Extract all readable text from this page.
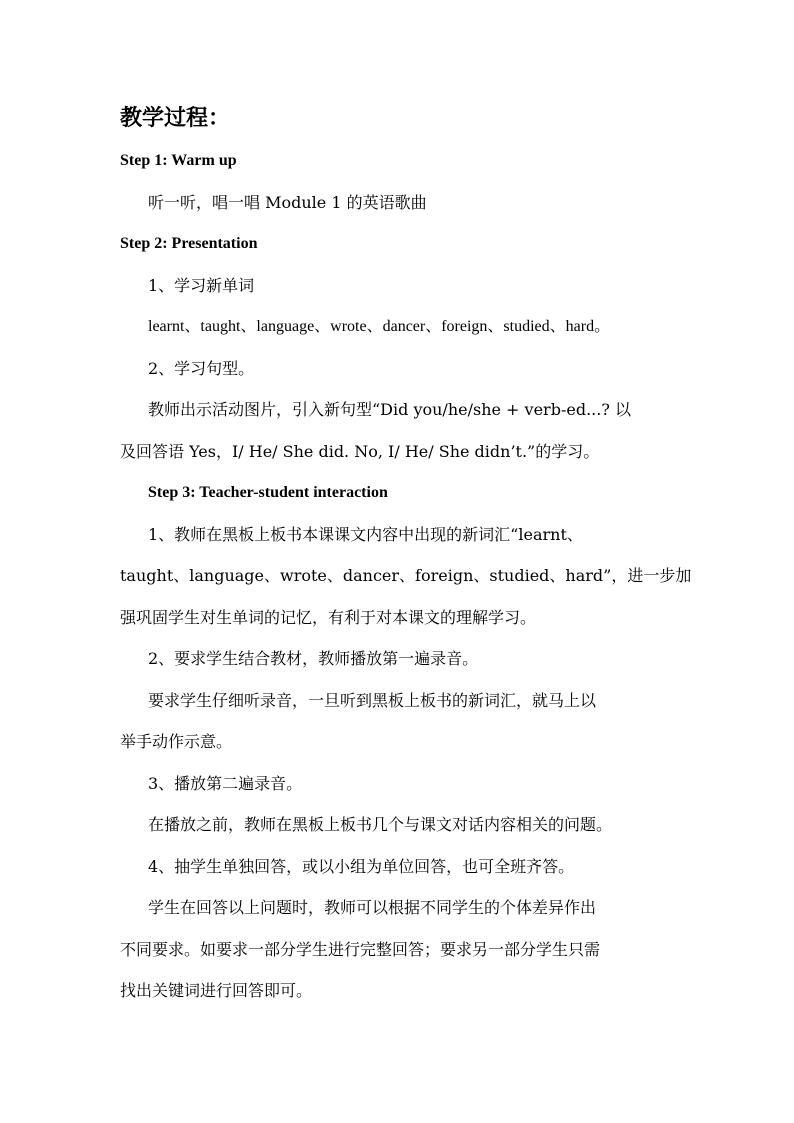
教学过程：
Step 1: Warm up
听一听，唱一唱 Module 1 的英语歌曲
Step 2: Presentation
1、学习新单词
learnt、taught、language、wrote、dancer、foreign、studied、hard。
2、学习句型。
教师出示活动图片，引入新句型“Did you/he/she + verb-ed...? 以
及回答语 Yes，I/ He/ She did. No, I/ He/ She didn’t.”的学习。
Step 3: Teacher-student interaction
1、教师在黑板上板书本课课文内容中出现的新词汇“learnt、
taught、language、wrote、dancer、foreign、studied、hard”，进一步加
强巩固学生对生单词的记忆，有利于对本课文的理解学习。
2、要求学生结合教材，教师播放第一遍录音。
要求学生仔细听录音，一旦听到黑板上板书的新词汇，就马上以
举手动作示意。
3、播放第二遍录音。
在播放之前，教师在黑板上板书几个与课文对话内容相关的问题。
4、抽学生单独回答，或以小组为单位回答，也可全班齐答。
学生在回答以上问题时，教师可以根据不同学生的个体差异作出
不同要求。如要求一部分学生进行完整回答；要求另一部分学生只需
找出关键词进行回答即可。
